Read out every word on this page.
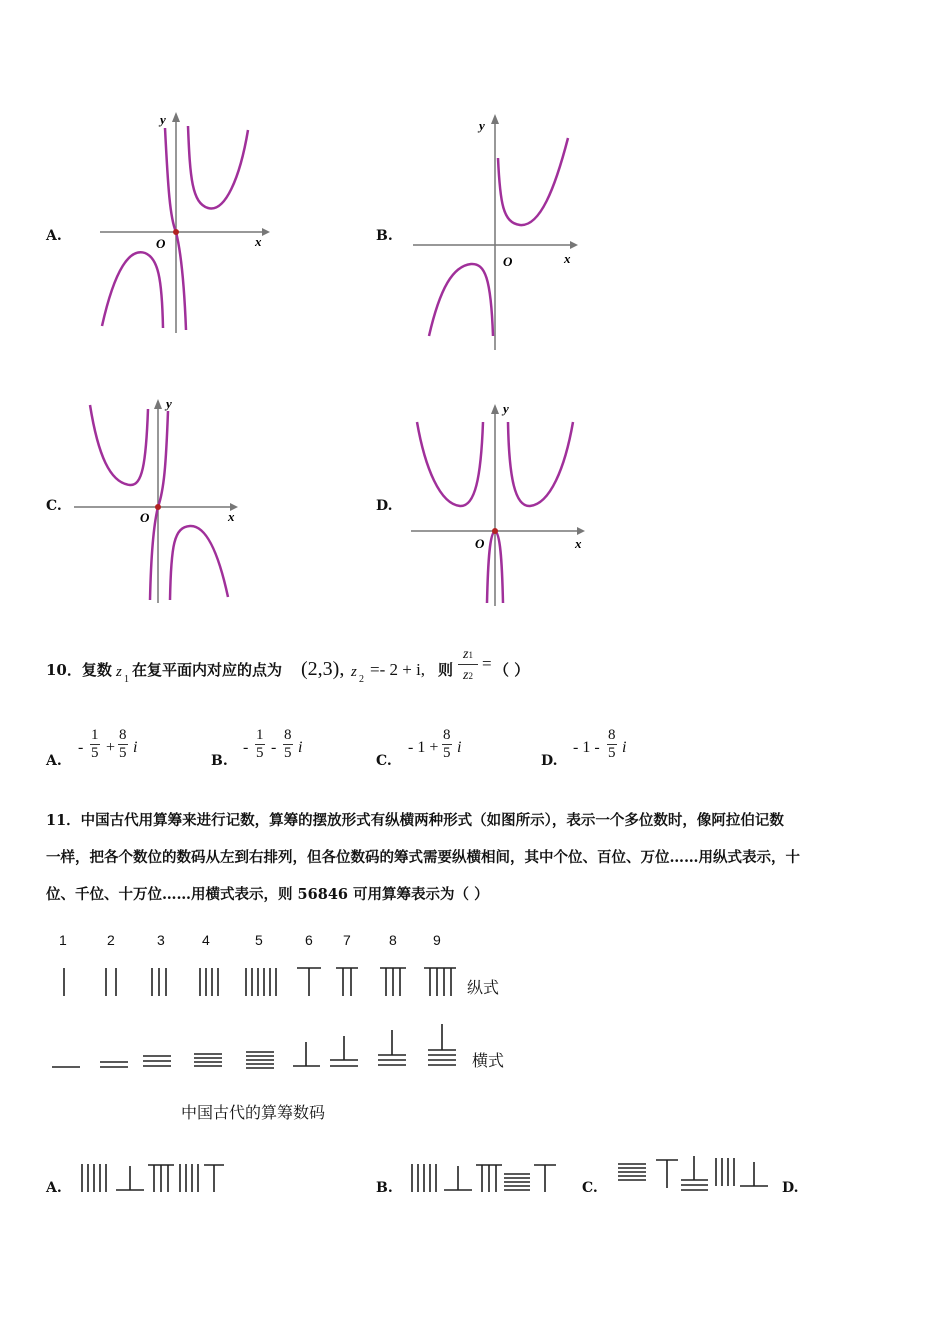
A.	O	x
y
B.
O	x
y
C.
O	x
y
D.
O	x
y
10．复数 z 1
在复平面内对应的点为 (2,3), z 2
=- 2 + i, 则 $\frac{z1}{z2}$ = （ ）
A.
- $\frac{1}{5} + \frac{8}{5}$ i
B.
- $\frac{1}{5} - \frac{8}{5}$ i
C.
- $1 + \frac{8}{5}$ i
D.
- $1 - \frac{8}{5}$ i
11．中国古代用算筹来进行记数，算筹的摆放形式有纵横两种形式（如图所示），表示一个多位数时，像阿拉伯记数
一样，把各个数位的数码从左到右排列，但各位数码的筹式需要纵横相间，其中个位、百位、万位……用纵式表示，十
位、千位、十万位……用横式表示，则 56846 可用算筹表示为（ ）
1	2	3	4	5	6 7	8	9
纵式
横式
中国古代的算筹数码
A.	B.	C.	D.
